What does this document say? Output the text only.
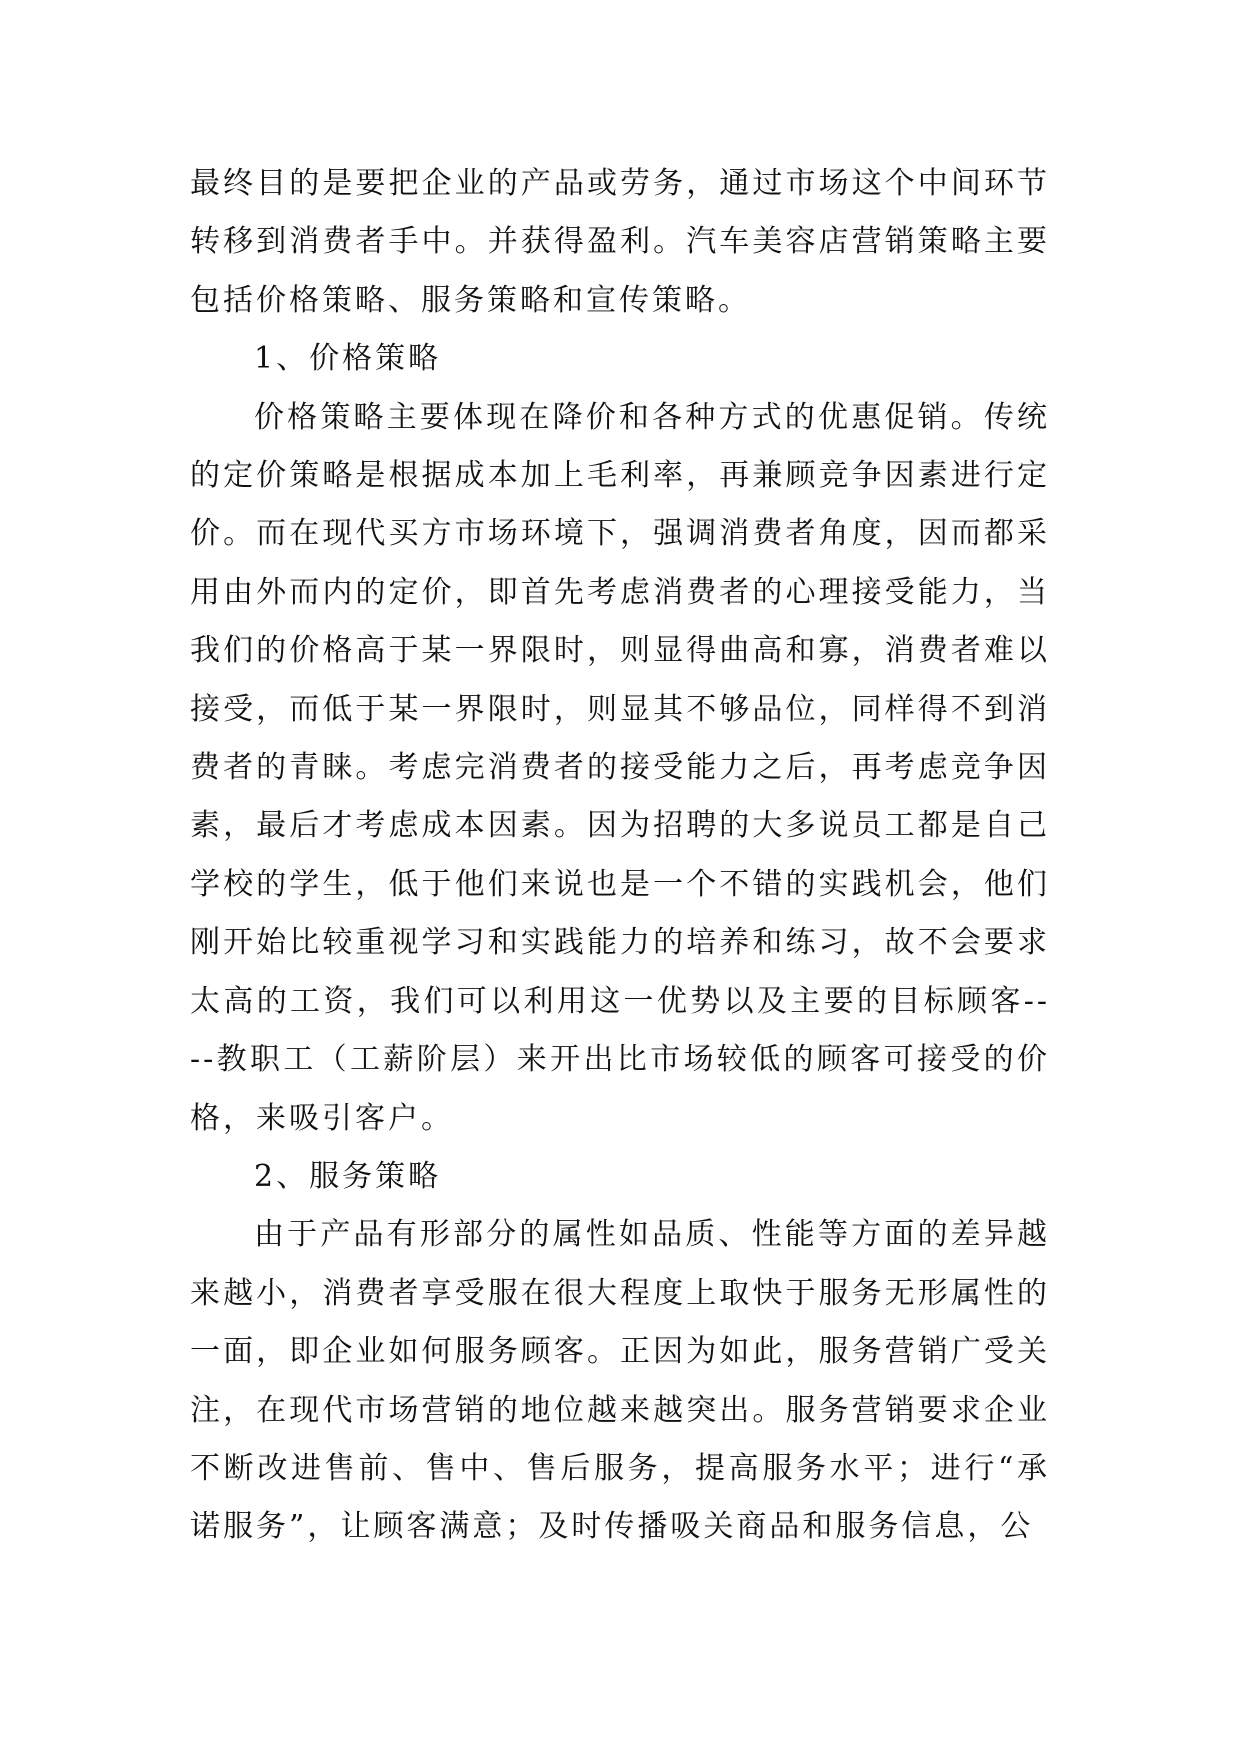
最终目的是要把企业的产品或劳务，通过市场这个中间环节转移到消费者手中。并获得盈利。汽车美容店营销策略主要包括价格策略、服务策略和宣传策略。

1、价格策略

价格策略主要体现在降价和各种方式的优惠促销。传统的定价策略是根据成本加上毛利率，再兼顾竞争因素进行定价。而在现代买方市场环境下，强调消费者角度，因而都采用由外而内的定价，即首先考虑消费者的心理接受能力，当我们的价格高于某一界限时，则显得曲高和寡，消费者难以接受，而低于某一界限时，则显其不够品位，同样得不到消费者的青睐。考虑完消费者的接受能力之后，再考虑竞争因素，最后才考虑成本因素。因为招聘的大多说员工都是自己学校的学生，低于他们来说也是一个不错的实践机会，他们刚开始比较重视学习和实践能力的培养和练习，故不会要求太高的工资，我们可以利用这一优势以及主要的目标顾客----教职工（工薪阶层）来开出比市场较低的顾客可接受的价格，来吸引客户。

2、服务策略

由于产品有形部分的属性如品质、性能等方面的差异越来越小，消费者享受服在很大程度上取快于服务无形属性的一面，即企业如何服务顾客。正因为如此，服务营销广受关注，在现代市场营销的地位越来越突出。服务营销要求企业不断改进售前、售中、售后服务，提高服务水平；进行“承诺服务”，让顾客满意；及时传播吸关商品和服务信息，公
